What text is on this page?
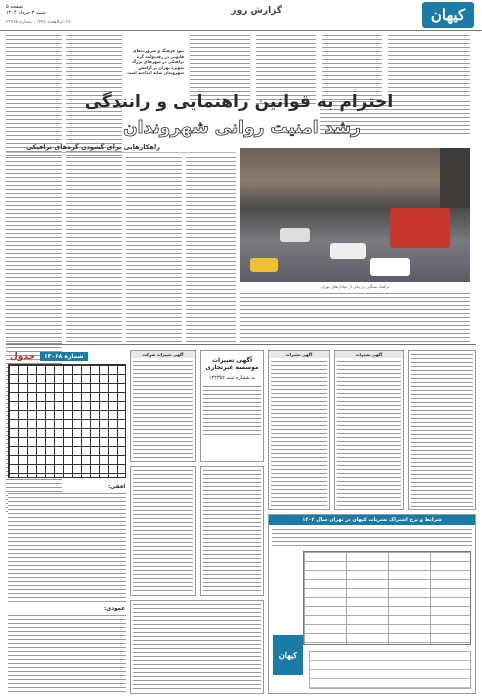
کیهان
گزارش روز
صفحه ۵
شنبه ۳ خرداد ۱۴۰۴
۲۶ ذی‌القعده ۱۴۴۶ - شماره ۲۳۹۶۵
نبود فرهنگ و ضرورت‌های قانونی در رفت‌وآمد گره ترافیکی در شهرهای بزرگ به‌ویژه تهران بر آرامش شهروندان سایه انداخته است
احترام به قوانین راهنمایی و رانندگی
رشد امنیت روانی شهروندان
راهکارهایی برای گشودن گره‌های ترافیکی
ترافیک سنگین در یکی از خیابان‌های تهران
جدول	شماره ۱۳۰۶۸
افقی:
عمودی:
آگهی تغییرات شرکت
آگهی تغییرات موسسه غیرتجاری
به شماره ثبت ۱۴۲۳۵۲
آگهی تغییرات	آگهی تغییرات
شرایط و نرخ اشتراک نشریات کیهان در تهران سال ۱۴۰۴
کیهان
